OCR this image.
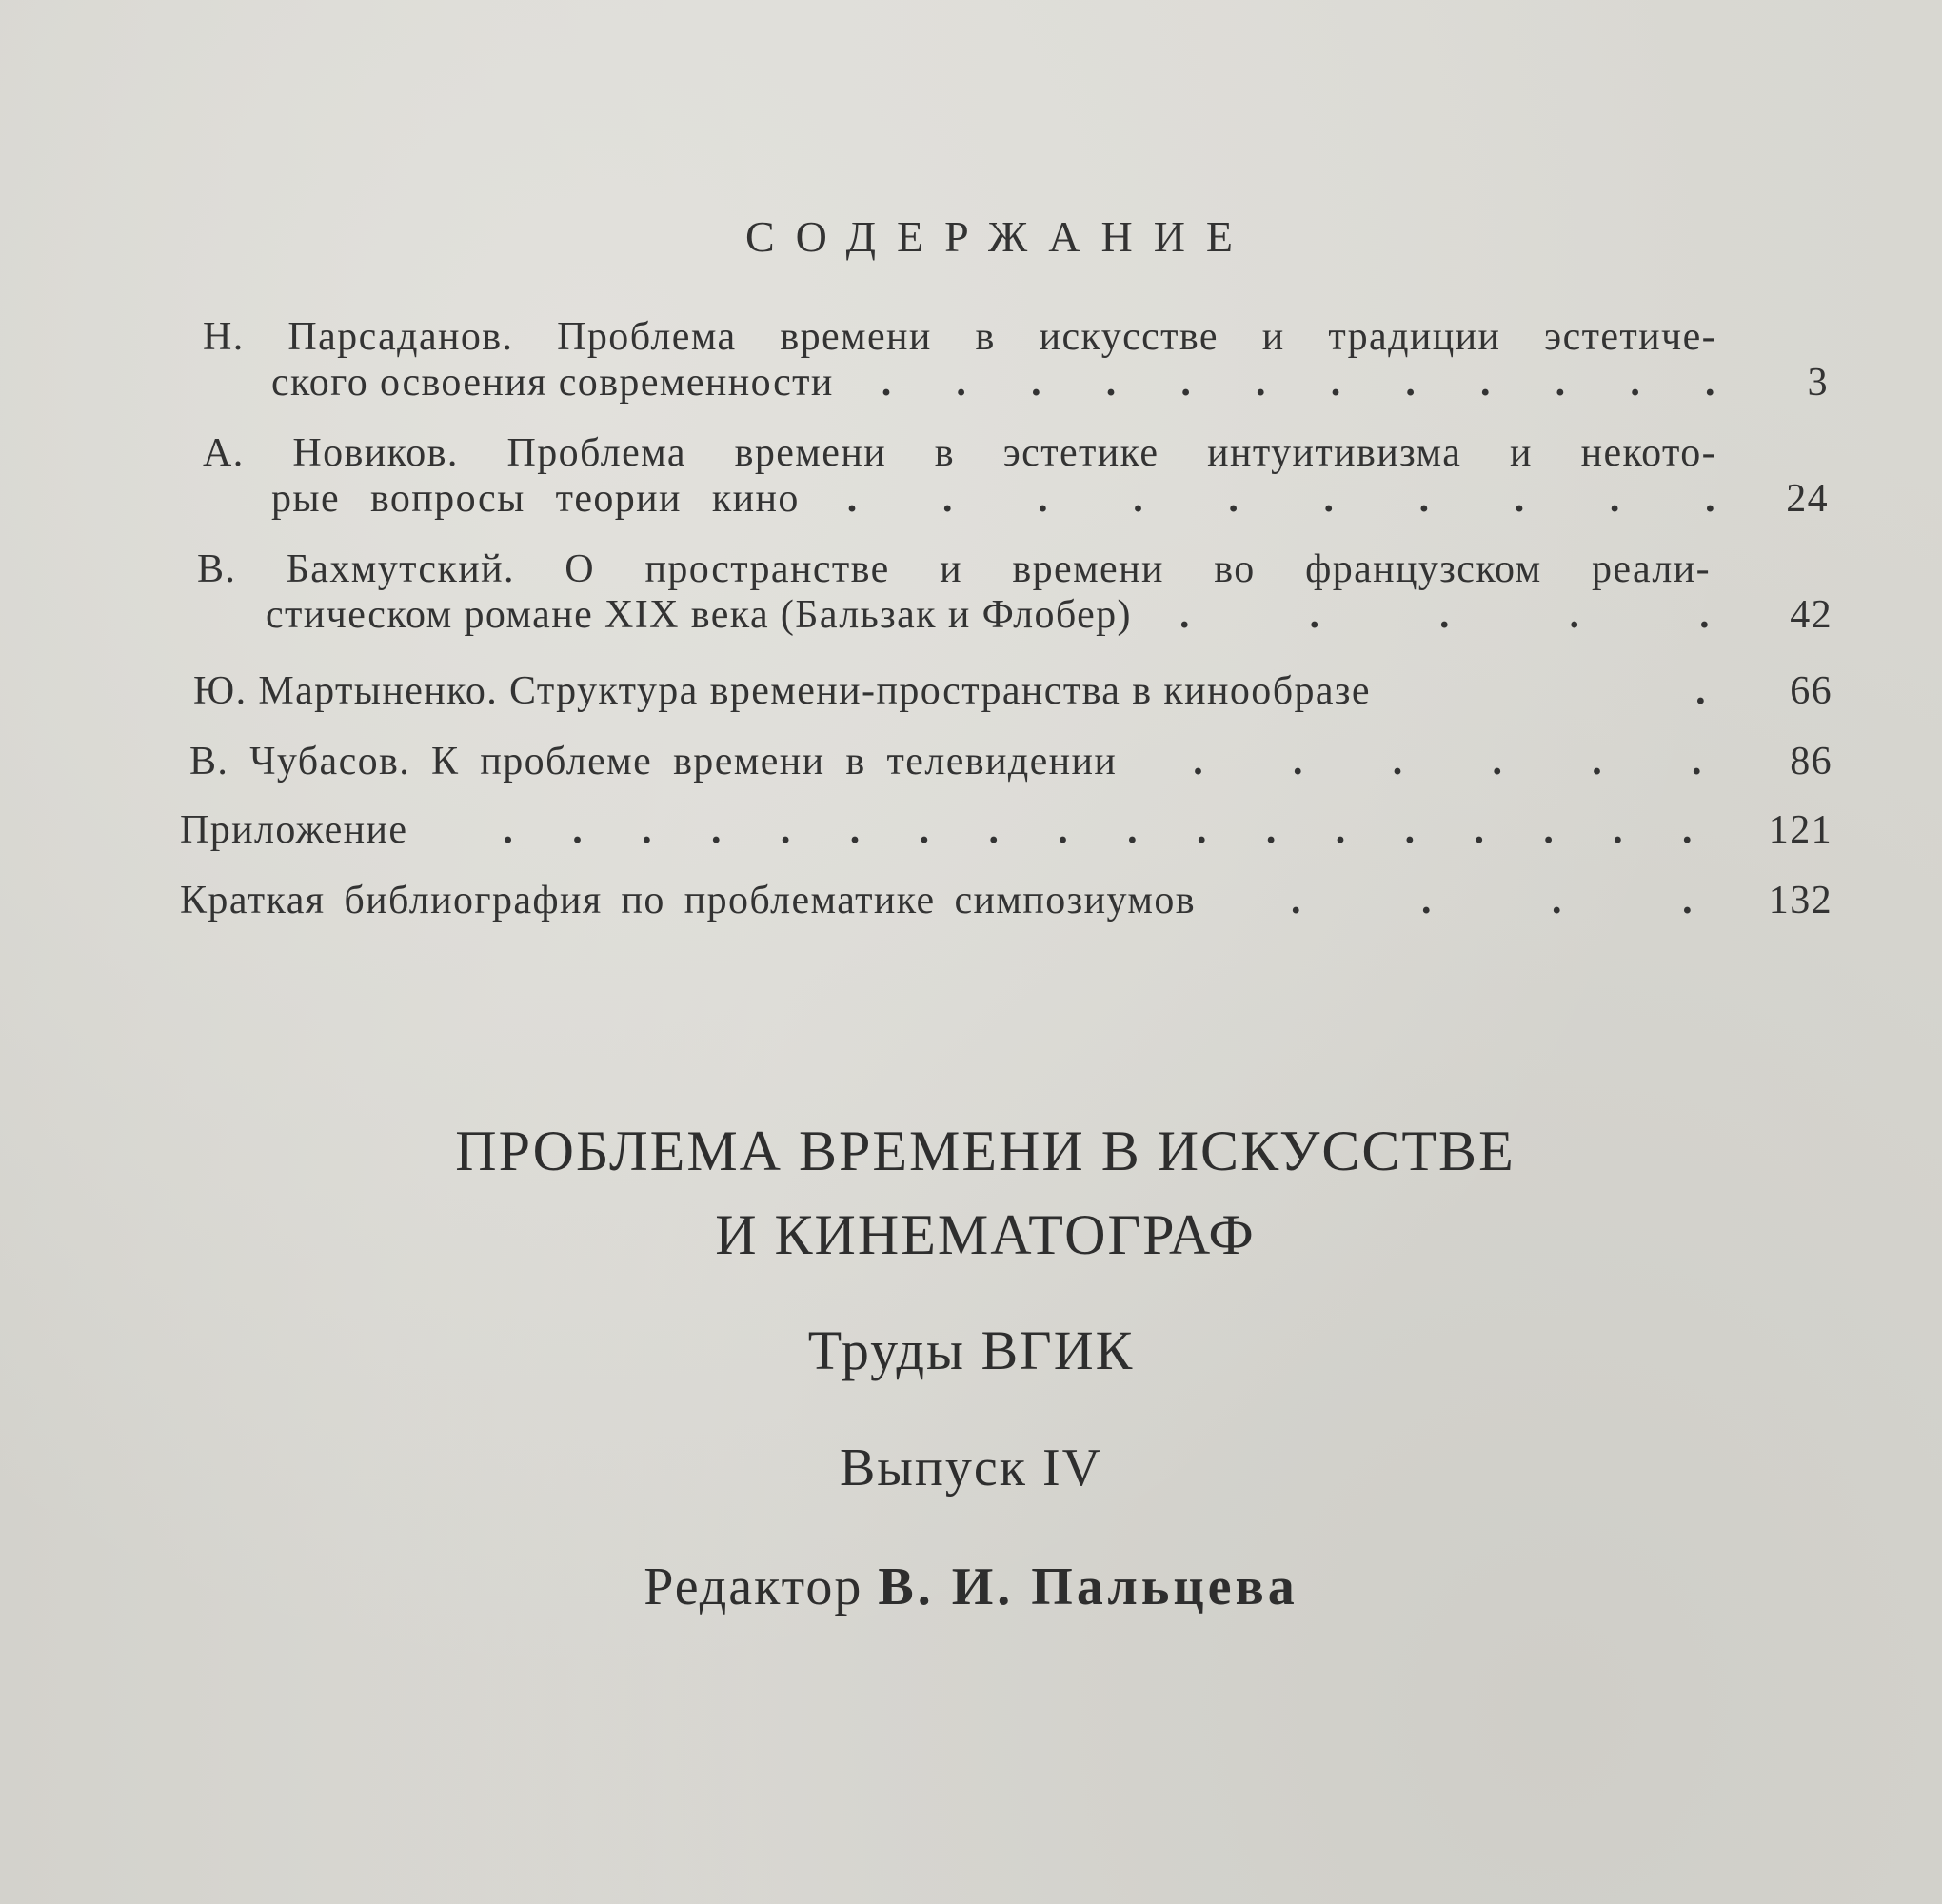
СОДЕРЖАНИЕ
Н. Парсаданов. Проблема времени в искусстве и традиции эстетиче-
ского освоения современности . . . . . . . . . . . .	3
А. Новиков. Проблема времени в эстетике интуитивизма и некото-
рые вопросы теории кино . . . . . . . . . .	24
В. Бахмутский. О пространстве и времени во французском реали-
стическом романе XIX века (Бальзак и Флобер) .	.	.	.	.	42
Ю. Мартыненко. Структура времени-пространства в кинообразе	.	66
В. Чубасов. К проблеме времени в телевидении . . . . . .	86
Приложение . . . . . . . . . . . . . . . . . .	121
Краткая библиография по проблематике симпозиумов .	.	.	.	132
ПРОБЛЕМА ВРЕМЕНИ В ИСКУССТВЕ
И КИНЕМАТОГРАФ
Труды ВГИК
Выпуск IV
Редактор В. И. Пальцева
